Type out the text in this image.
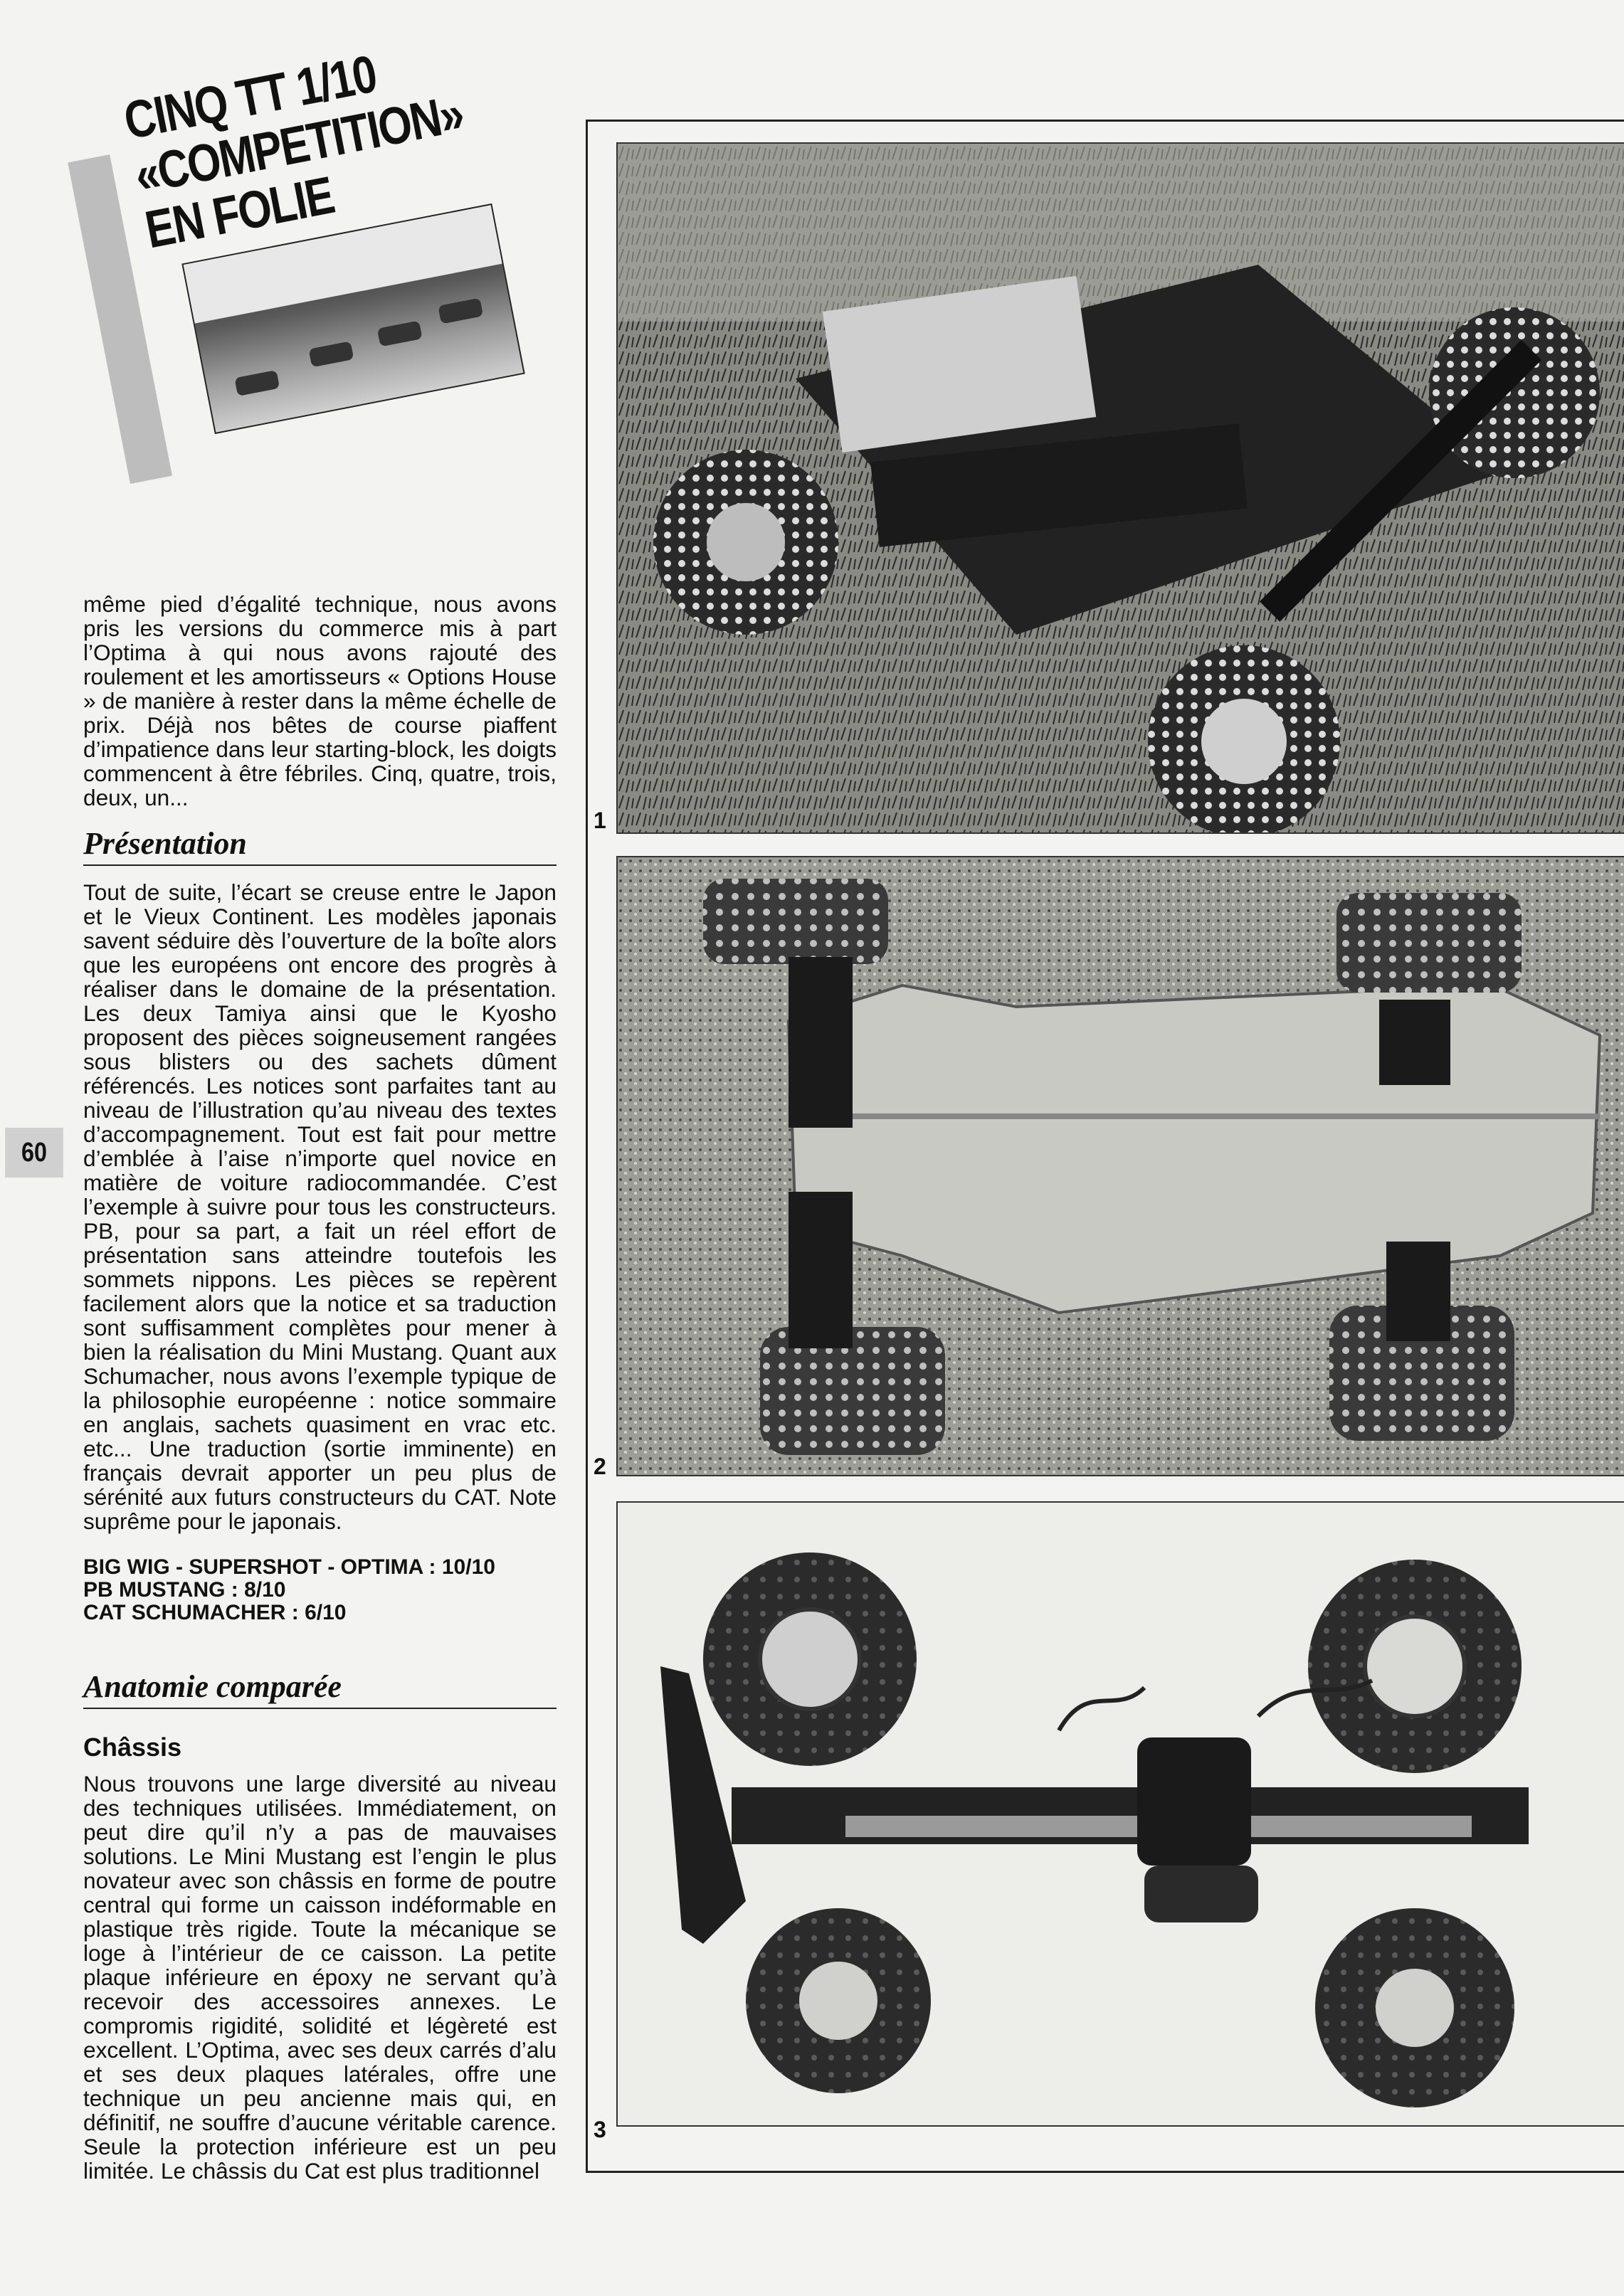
CINQ TT 1/10
«COMPETITION»
EN FOLIE

même pied d’égalité technique, nous avons pris les versions du commerce mis à part l’Optima à qui nous avons rajouté des roulement et les amortisseurs « Options House » de manière à rester dans la même échelle de prix. Déjà nos bêtes de course piaffent d’impatience dans leur starting-block, les doigts commencent à être fébriles. Cinq, quatre, trois, deux, un...

Présentation

Tout de suite, l’écart se creuse entre le Japon et le Vieux Continent. Les modèles japonais savent séduire dès l’ouverture de la boîte alors que les européens ont encore des progrès à réaliser dans le domaine de la présentation. Les deux Tamiya ainsi que le Kyosho proposent des pièces soigneusement rangées sous blisters ou des sachets dûment référencés. Les notices sont parfaites tant au niveau de l’illustration qu’au niveau des textes d’accompagnement. Tout est fait pour mettre d’emblée à l’aise n’importe quel novice en matière de voiture radiocommandée. C’est l’exemple à suivre pour tous les constructeurs. PB, pour sa part, a fait un réel effort de présentation sans atteindre toutefois les sommets nippons. Les pièces se repèrent facilement alors que la notice et sa traduction sont suffisamment complètes pour mener à bien la réalisation du Mini Mustang. Quant aux Schumacher, nous avons l’exemple typique de la philosophie européenne : notice sommaire en anglais, sachets quasiment en vrac etc. etc... Une traduction (sortie imminente) en français devrait apporter un peu plus de sérénité aux futurs constructeurs du CAT. Note suprême pour le japonais.

BIG WIG - SUPERSHOT - OPTIMA : 10/10
PB MUSTANG : 8/10
CAT SCHUMACHER : 6/10
Anatomie comparée
Châssis

Nous trouvons une large diversité au niveau des techniques utilisées. Immédiatement, on peut dire qu’il n’y a pas de mauvaises solutions. Le Mini Mustang est l’engin le plus novateur avec son châssis en forme de poutre central qui forme un caisson indéformable en plastique très rigide. Toute la mécanique se loge à l’intérieur de ce caisson. La petite plaque inférieure en époxy ne servant qu’à recevoir des accessoires annexes. Le compromis rigidité, solidité et légèreté est excellent. L’Optima, avec ses deux carrés d’alu et ses deux plaques latérales, offre une technique un peu ancienne mais qui, en définitif, ne souffre d’aucune véritable carence. Seule la protection inférieure est un peu limitée. Le châssis du Cat est plus traditionnel

60
1
2
3
